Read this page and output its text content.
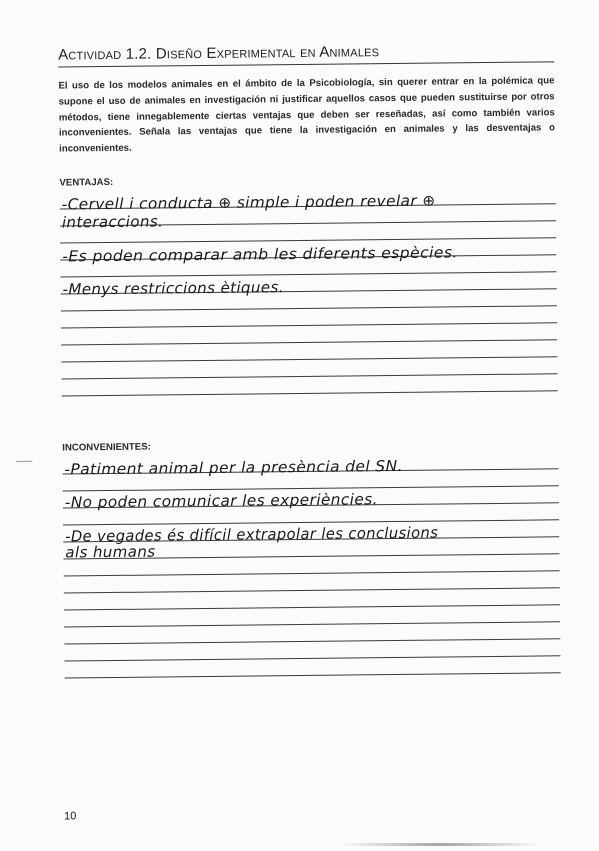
Actividad 1.2. Diseño Experimental en Animales
El uso de los modelos animales en el ámbito de la Psicobiología, sin querer entrar en la polémica que supone el uso de animales en investigación ni justificar aquellos casos que pueden sustituirse por otros métodos, tiene innegablemente ciertas ventajas que deben ser reseñadas, así como también varios inconvenientes. Señala las ventajas que tiene la investigación en animales y las desventajas o inconvenientes.
VENTAJAS:
-Cervell i conducta ⊕ simple i poden revelar ⊕
interaccions.
-Es poden comparar amb les diferents espècies.
-Menys restriccions ètiques.
INCONVENIENTES:
-Patiment animal per la presència del SN.
-No poden comunicar les experiències.
-De vegades és difícil extrapolar les conclusions
als humans
10
